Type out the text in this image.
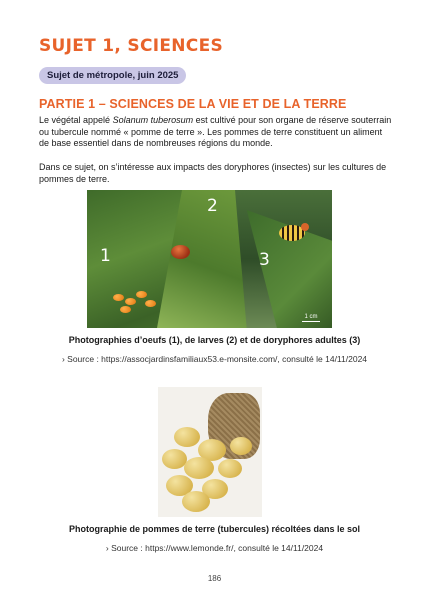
SUJET 1, SCIENCES
Sujet de métropole, juin 2025
PARTIE 1 – SCIENCES DE LA VIE ET DE LA TERRE
Le végétal appelé Solanum tuberosum est cultivé pour son organe de réserve souterrain ou tubercule nommé « pomme de terre ». Les pommes de terre constituent un aliment de base essentiel dans de nombreuses régions du monde.
Dans ce sujet, on s’intéresse aux impacts des doryphores (insectes) sur les cultures de pommes de terre.
1
2
3
1 cm
Photographies d’oeufs (1), de larves (2) et de doryphores adultes (3)
› Source : https://assocjardinsfamiliaux53.e-monsite.com/, consulté le 14/11/2024
Photographie de pommes de terre (tubercules) récoltées dans le sol
› Source : https://www.lemonde.fr/, consulté le 14/11/2024
186
